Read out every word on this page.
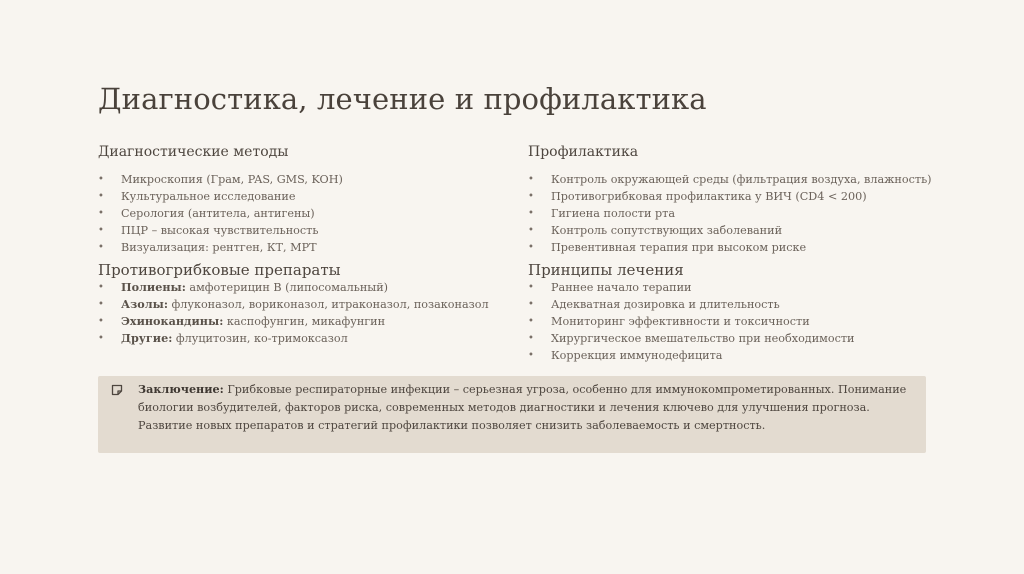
Диагностика, лечение и профилактика
Диагностические методы
• Микроскопия (Грам, PAS, GMS, KOH)
• Культуральное исследование
• Серология (антитела, антигены)
• ПЦР – высокая чувствительность
• Визуализация: рентген, КТ, МРТ
Противогрибковые препараты
• Полиены: амфотерицин B (липосомальный)
• Азолы: флуконазол, вориконазол, итраконазол, позаконазол
• Эхинокандины: каспофунгин, микафунгин
• Другие: флуцитозин, ко-тримоксазол
Профилактика
• Контроль окружающей среды (фильтрация воздуха, влажность)
• Противогрибковая профилактика у ВИЧ (CD4 < 200)
• Гигиена полости рта
• Контроль сопутствующих заболеваний
• Превентивная терапия при высоком риске
Принципы лечения
• Раннее начало терапии
• Адекватная дозировка и длительность
• Мониторинг эффективности и токсичности
• Хирургическое вмешательство при необходимости
• Коррекция иммунодефицита
Заключение: Грибковые респираторные инфекции – серьезная угроза, особенно для иммунокомпрометированных. Понимание биологии возбудителей, факторов риска, современных методов диагностики и лечения ключево для улучшения прогноза. Развитие новых препаратов и стратегий профилактики позволяет снизить заболеваемость и смертность.
